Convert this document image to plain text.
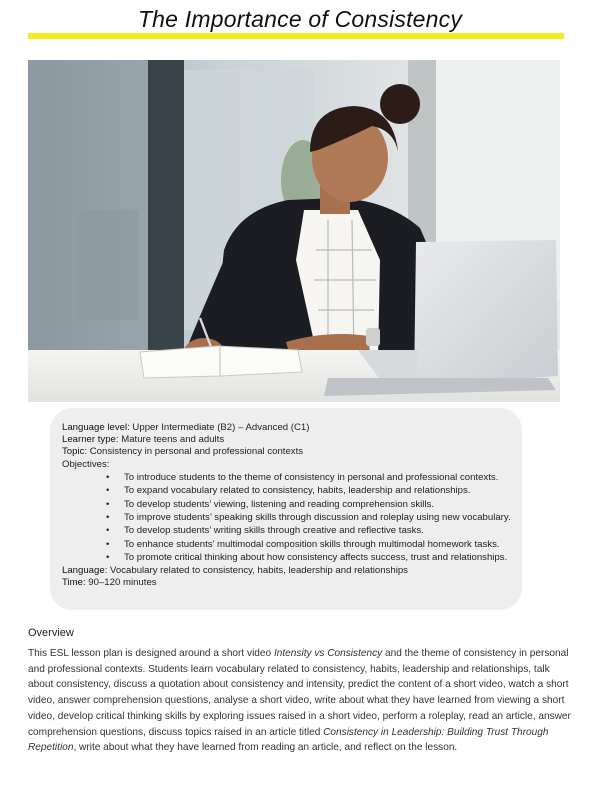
The Importance of Consistency
Language level: Upper Intermediate (B2) – Advanced (C1)
Learner type: Mature teens and adults
Topic: Consistency in personal and professional contexts
Objectives:
• To introduce students to the theme of consistency in personal and professional contexts.
• To expand vocabulary related to consistency, habits, leadership and relationships.
• To develop students’ viewing, listening and reading comprehension skills.
• To improve students’ speaking skills through discussion and roleplay using new vocabulary.
• To develop students’ writing skills through creative and reflective tasks.
• To enhance students’ multimodal composition skills through multimodal homework tasks.
• To promote critical thinking about how consistency affects success, trust and relationships.
Language: Vocabulary related to consistency, habits, leadership and relationships
Time: 90–120 minutes
Overview
This ESL lesson plan is designed around a short video Intensity vs Consistency and the theme of consistency in personal and professional contexts. Students learn vocabulary related to consistency, habits, leadership and relationships, talk about consistency, discuss a quotation about consistency and intensity, predict the content of a short video, watch a short video, answer comprehension questions, analyse a short video, write about what they have learned from viewing a short video, develop critical thinking skills by exploring issues raised in a short video, perform a roleplay, read an article, answer comprehension questions, discuss topics raised in an article titled Consistency in Leadership: Building Trust Through Repetition, write about what they have learned from reading an article, and reflect on the lesson.
